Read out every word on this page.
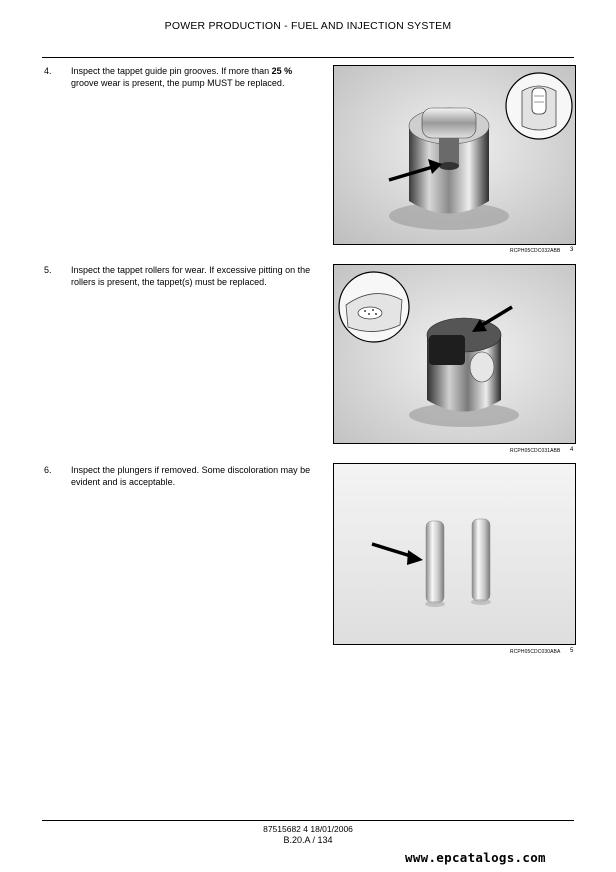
POWER PRODUCTION - FUEL AND INJECTION SYSTEM
4. Inspect the tappet guide pin grooves. If more than 25 % groove wear is present, the pump MUST be replaced.
5. Inspect the tappet rollers for wear. If excessive pitting on the rollers is present, the tappet(s) must be replaced.
6. Inspect the plungers if removed. Some discoloration may be evident and is acceptable.
RCPH05CDC032ABB 3
RCPH05CDC031ABB 4
RCPH05CDC030ABA 5
87515682 4 18/01/2006
B.20.A / 134
www.epcatalogs.com
